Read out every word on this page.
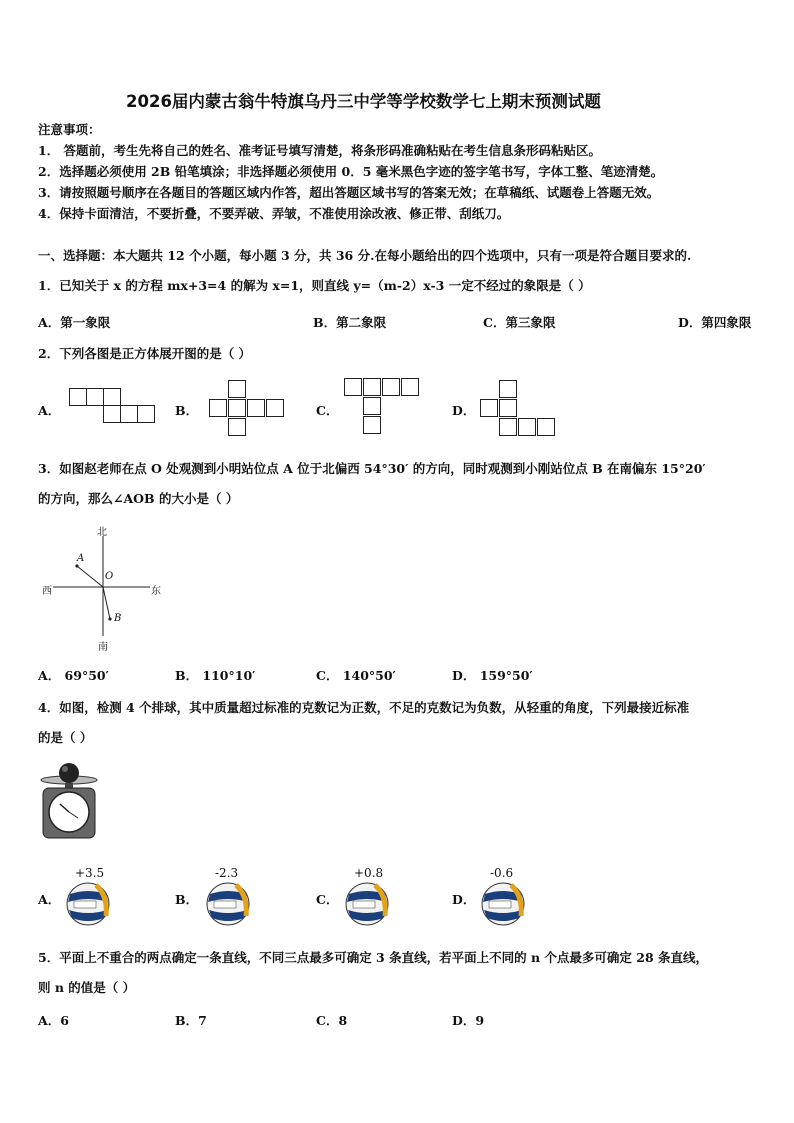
2026届内蒙古翁牛特旗乌丹三中学等学校数学七上期末预测试题
注意事项：
1． 答题前，考生先将自己的姓名、准考证号填写清楚，将条形码准确粘贴在考生信息条形码粘贴区。
2．选择题必须使用 2B 铅笔填涂；非选择题必须使用 0．5 毫米黑色字迹的签字笔书写，字体工整、笔迹清楚。
3．请按照题号顺序在各题目的答题区域内作答，超出答题区域书写的答案无效；在草稿纸、试题卷上答题无效。
4．保持卡面清洁，不要折叠，不要弄破、弄皱，不准使用涂改液、修正带、刮纸刀。
一、选择题：本大题共 12 个小题，每小题 3 分，共 36 分.在每小题给出的四个选项中，只有一项是符合题目要求的.
1．已知关于 x 的方程 mx+3=4 的解为 x=1，则直线 y=（m-2）x-3 一定不经过的象限是（ ）
A．第一象限	B．第二象限	C．第三象限	D．第四象限
2．下列各图是正方体展开图的是（ ）
A．	B．	C．	D．
3．如图赵老师在点 O 处观测到小明站位点 A 位于北偏西 54°30′ 的方向，同时观测到小刚站位点 B 在南偏东 15°20′
的方向，那么∠AOB 的大小是（ ）
北
南
西	东
O
A
B
A． 69°50′	B． 110°10′	C． 140°50′	D． 159°50′
4．如图，检测 4 个排球，其中质量超过标准的克数记为正数，不足的克数记为负数，从轻重的角度，下列最接近标准
的是（ ）
+3.5	-2.3	+0.8	-0.6
A．	B．	C．	D．
5．平面上不重合的两点确定一条直线，不同三点最多可确定 3 条直线，若平面上不同的 n 个点最多可确定 28 条直线，
则 n 的值是（ ）
A．6	B．7	C．8	D．9
